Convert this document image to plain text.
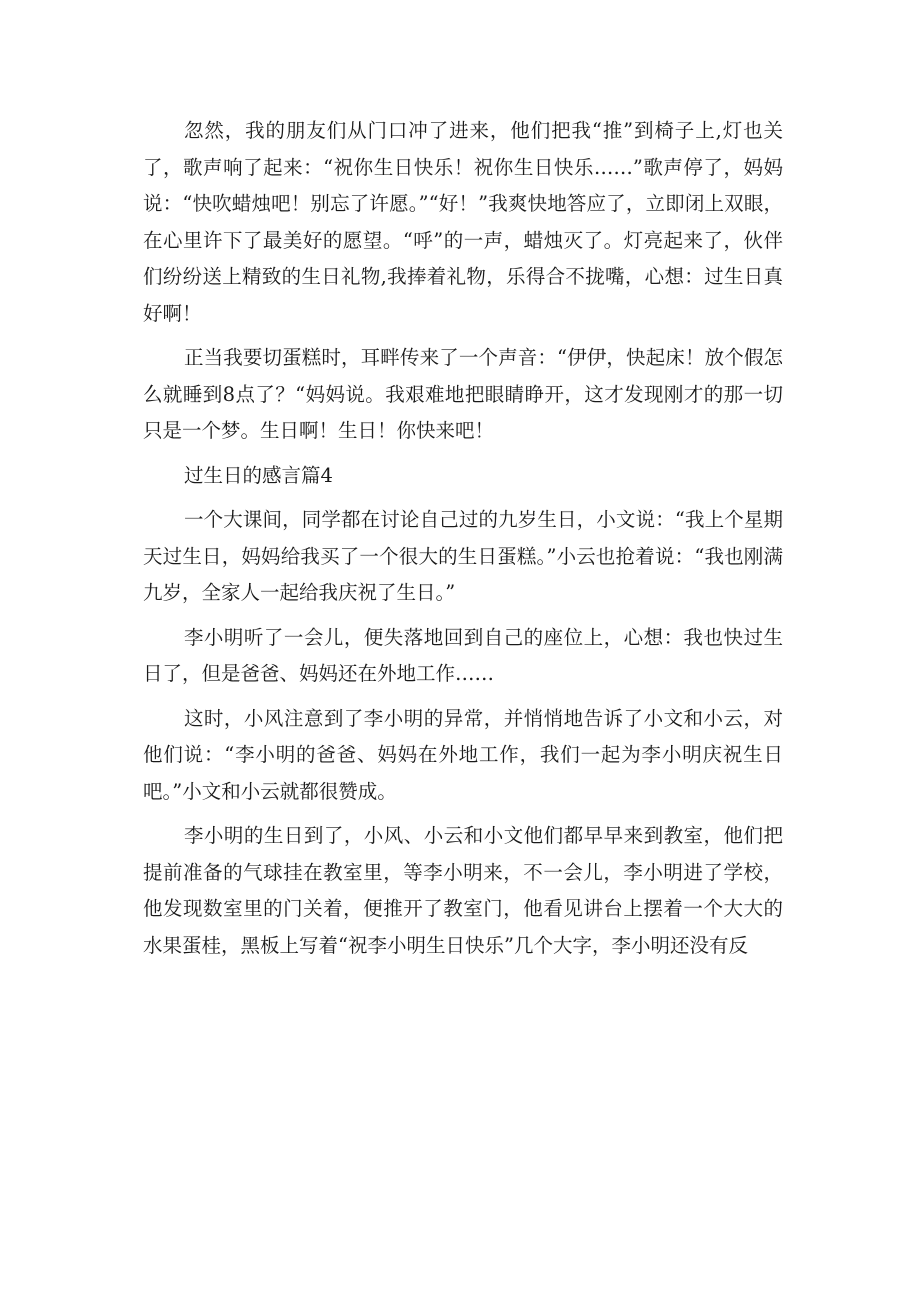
忽然，我的朋友们从门口冲了进来，他们把我“推”到椅子上,灯也关了，歌声响了起来：“祝你生日快乐！祝你生日快乐……”歌声停了，妈妈说：“快吹蜡烛吧！别忘了许愿。”“好！”我爽快地答应了，立即闭上双眼，在心里许下了最美好的愿望。“呼”的一声，蜡烛灭了。灯亮起来了，伙伴们纷纷送上精致的生日礼物,我捧着礼物，乐得合不拢嘴，心想：过生日真好啊！

正当我要切蛋糕时，耳畔传来了一个声音：“伊伊，快起床！放个假怎么就睡到8点了？“妈妈说。我艰难地把眼睛睁开，这才发现刚才的那一切只是一个梦。生日啊！生日！你快来吧！

过生日的感言篇4

一个大课间，同学都在讨论自己过的九岁生日，小文说：“我上个星期天过生日，妈妈给我买了一个很大的生日蛋糕。”小云也抢着说：“我也刚满九岁，全家人一起给我庆祝了生日。”

李小明听了一会儿，便失落地回到自己的座位上，心想：我也快过生日了，但是爸爸、妈妈还在外地工作……

这时，小风注意到了李小明的异常，并悄悄地告诉了小文和小云，对他们说：“李小明的爸爸、妈妈在外地工作，我们一起为李小明庆祝生日吧。”小文和小云就都很赞成。

李小明的生日到了，小风、小云和小文他们都早早来到教室，他们把提前准备的气球挂在教室里，等李小明来，不一会儿，李小明进了学校，他发现数室里的门关着，便推开了教室门，他看见讲台上摆着一个大大的水果蛋桂，黑板上写着“祝李小明生日快乐”几个大字，李小明还没有反
